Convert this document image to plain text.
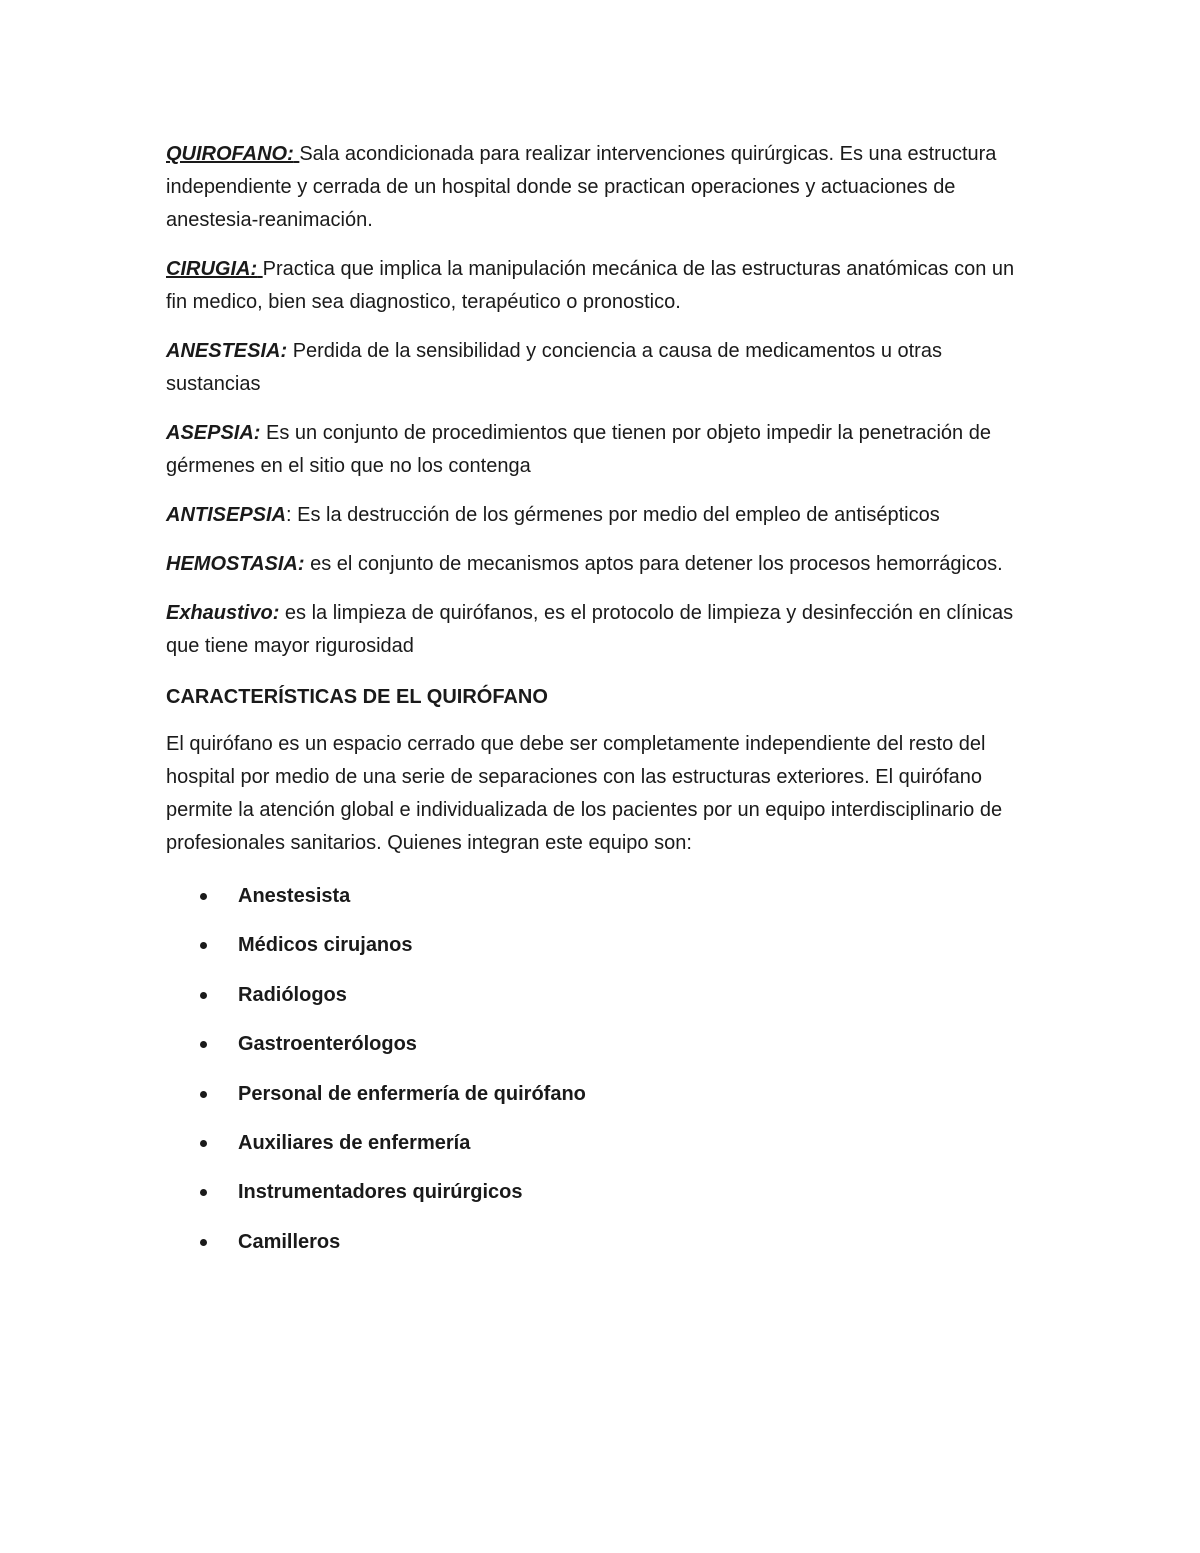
QUIROFANO: Sala acondicionada para realizar intervenciones quirúrgicas. Es una estructura independiente y cerrada de un hospital donde se practican operaciones y actuaciones de anestesia-reanimación.

CIRUGIA: Practica que implica la manipulación mecánica de las estructuras anatómicas con un fin medico, bien sea diagnostico, terapéutico o pronostico.

ANESTESIA: Perdida de la sensibilidad y conciencia a causa de medicamentos u otras sustancias

ASEPSIA: Es un conjunto de procedimientos que tienen por objeto impedir la penetración de gérmenes en el sitio que no los contenga

ANTISEPSIA: Es la destrucción de los gérmenes por medio del empleo de antisépticos

HEMOSTASIA: es el conjunto de mecanismos aptos para detener los procesos hemorrágicos.

Exhaustivo: es la limpieza de quirófanos, es el protocolo de limpieza y desinfección en clínicas que tiene mayor rigurosidad

CARACTERÍSTICAS DE EL QUIRÓFANO

El quirófano es un espacio cerrado que debe ser completamente independiente del resto del hospital por medio de una serie de separaciones con las estructuras exteriores. El quirófano permite la atención global e individualizada de los pacientes por un equipo interdisciplinario de profesionales sanitarios. Quienes integran este equipo son:

Anestesista
Médicos cirujanos
Radiólogos
Gastroenterólogos
Personal de enfermería de quirófano
Auxiliares de enfermería
Instrumentadores quirúrgicos
Camilleros
